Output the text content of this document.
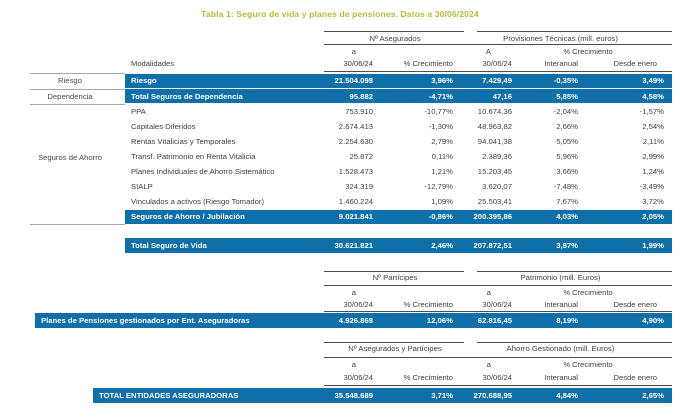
Tabla 1: Seguro de vida y planes de pensiones. Datos a 30/06/2024
Riesgo
Dependencia
Seguros de Ahorro
Nº Asegurados	Provisiones Técnicas (mill. euros)
a	A	% Crecimiento
30/06/24	% Crecimiento	30/06/24	Interanual	Desde enero
Modalidades
Riesgo	21.504.098	3,96%	7.429,49	-0,35%	3,49%
Total Seguros de Dependencia	95.882	-4,71%	47,16	5,85%	4,58%
PPA	753.910	-10,77%	10.674,36	-2,04%	-1,57%
Capitales Diferidos	2.674.413	-1,30%	48.963,82	2,66%	2,54%
Rentas Vitalicias y Temporales	2.254.630	2,79%	94.041,38	5,05%	2,11%
Transf. Patrimonio en Renta Vitalicia	25.872	0,11%	2.389,36	5,96%	2,99%
Planes Individuales de Ahorro Sistemático	1.528.473	1,21%	15.203,45	3,66%	1,24%
SIALP	324.319	-12,79%	3.620,07	-7,48%	-3,49%
Vinculados a activos (Riesgo Tomador)	1.460.224	1,09%	25.503,41	7,67%	3,72%
Seguros de Ahorro / Jubilación	9.021.841	-0,86%	200.395,86	4,03%	2,05%
Total Seguro de Vida	30.621.821	2,46%	207.872,51	3,87%	1,99%
Nº Partícipes	Patrimonio (mill. Euros)
a	a	% Crecimiento
30/06/24	% Crecimiento	30/06/24	Interanual	Desde enero
Planes de Pensiones gestionados por Ent. Aseguradoras	4.926.868	12,06%	62.816,45	8,19%	4,90%
Nº Asegurados y Partícipes	Ahorro Gestionado (mill. Euros)
a	a	% Crecimiento
30/06/24	% Crecimiento	30/06/24	Interanual	Desde enero
TOTAL ENTIDADES ASEGURADORAS	35.548.689	3,71%	270.688,95	4,84%	2,65%
